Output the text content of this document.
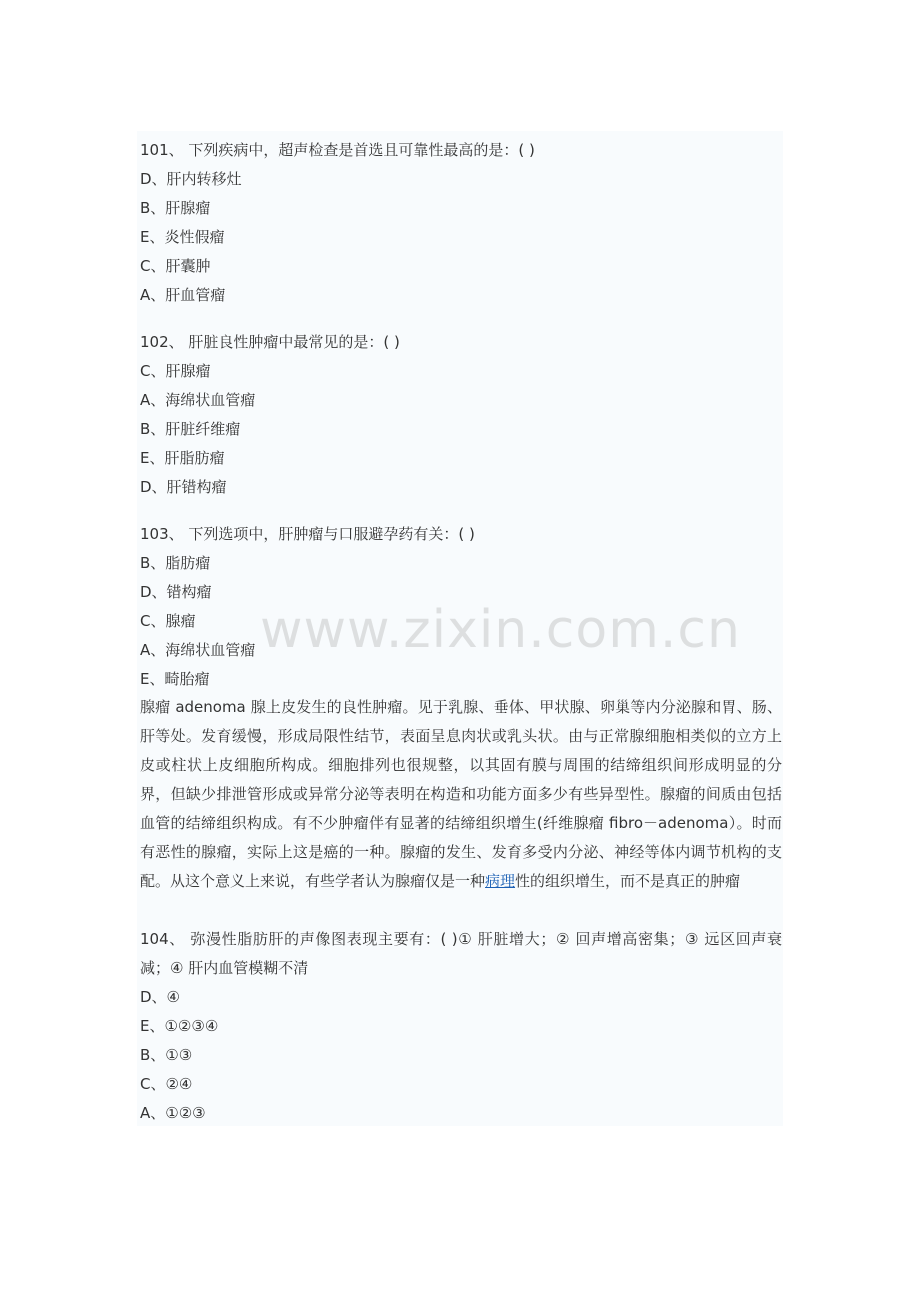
101、 下列疾病中，超声检查是首选且可靠性最高的是：( )
D、肝内转移灶
B、肝腺瘤
E、炎性假瘤
C、肝囊肿
A、肝血管瘤
102、 肝脏良性肿瘤中最常见的是：( )
C、肝腺瘤
A、海绵状血管瘤
B、肝脏纤维瘤
E、肝脂肪瘤
D、肝错构瘤
103、 下列选项中，肝肿瘤与口服避孕药有关：( )
B、脂肪瘤
D、错构瘤
C、腺瘤
A、海绵状血管瘤
E、畸胎瘤
腺瘤 adenoma 腺上皮发生的良性肿瘤。见于乳腺、垂体、甲状腺、卵巢等内分泌腺和胃、肠、肝等处。发育缓慢，形成局限性结节，表面呈息肉状或乳头状。由与正常腺细胞相类似的立方上皮或柱状上皮细胞所构成。细胞排列也很规整，以其固有膜与周围的结缔组织间形成明显的分界，但缺少排泄管形成或异常分泌等表明在构造和功能方面多少有些异型性。腺瘤的间质由包括血管的结缔组织构成。有不少肿瘤伴有显著的结缔组织增生(纤维腺瘤 fibro－adenoma）。时而有恶性的腺瘤，实际上这是癌的一种。腺瘤的发生、发育多受内分泌、神经等体内调节机构的支配。从这个意义上来说，有些学者认为腺瘤仅是一种病理性的组织增生，而不是真正的肿瘤
104、 弥漫性脂肪肝的声像图表现主要有：( )① 肝脏增大；② 回声增高密集；③ 远区回声衰减；④ 肝内血管模糊不清
D、④
E、①②③④
B、①③
C、②④
A、①②③
www.zixin.com.cn
